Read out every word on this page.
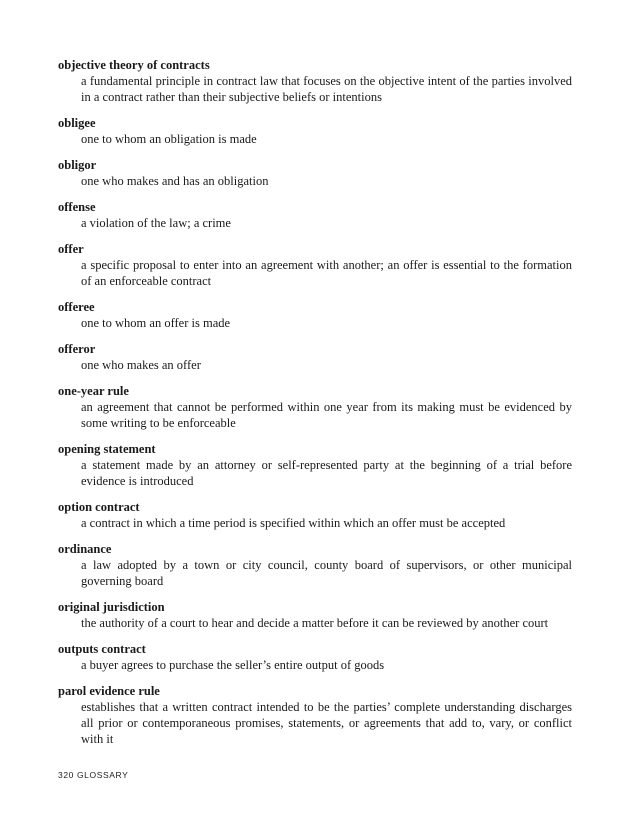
objective theory of contracts
a fundamental principle in contract law that focuses on the objective intent of the parties involved in a contract rather than their subjective beliefs or intentions
obligee
one to whom an obligation is made
obligor
one who makes and has an obligation
offense
a violation of the law; a crime
offer
a specific proposal to enter into an agreement with another; an offer is essential to the formation of an enforceable contract
offeree
one to whom an offer is made
offeror
one who makes an offer
one-year rule
an agreement that cannot be performed within one year from its making must be evidenced by some writing to be enforceable
opening statement
a statement made by an attorney or self-represented party at the beginning of a trial before evidence is introduced
option contract
a contract in which a time period is specified within which an offer must be accepted
ordinance
a law adopted by a town or city council, county board of supervisors, or other municipal governing board
original jurisdiction
the authority of a court to hear and decide a matter before it can be reviewed by another court
outputs contract
a buyer agrees to purchase the seller’s entire output of goods
parol evidence rule
establishes that a written contract intended to be the parties’ complete understanding discharges all prior or contemporaneous promises, statements, or agreements that add to, vary, or conflict with it
320 GLOSSARY
